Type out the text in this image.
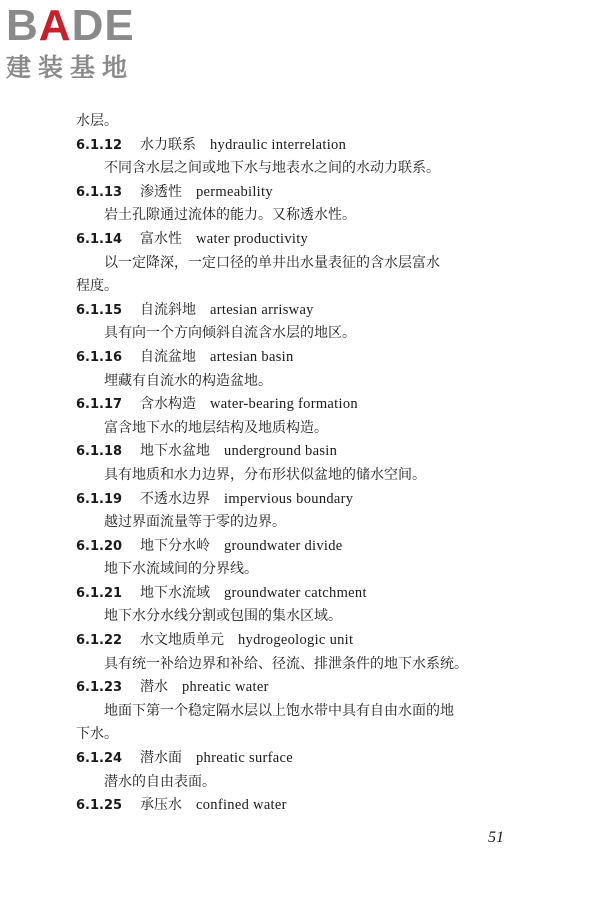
B A DE
建装基地
水层。
6.1.12 水力联系 hydraulic interrelation
不同含水层之间或地下水与地表水之间的水动力联系。
6.1.13 渗透性 permeability
岩土孔隙通过流体的能力。又称透水性。
6.1.14 富水性 water productivity
以一定降深，一定口径的单井出水量表征的含水层富水
程度。
6.1.15 自流斜地 artesian arrisway
具有向一个方向倾斜自流含水层的地区。
6.1.16 自流盆地 artesian basin
埋藏有自流水的构造盆地。
6.1.17 含水构造 water-bearing formation
富含地下水的地层结构及地质构造。
6.1.18 地下水盆地 underground basin
具有地质和水力边界，分布形状似盆地的储水空间。
6.1.19 不透水边界 impervious boundary
越过界面流量等于零的边界。
6.1.20 地下分水岭 groundwater divide
地下水流域间的分界线。
6.1.21 地下水流域 groundwater catchment
地下水分水线分割或包围的集水区域。
6.1.22 水文地质单元 hydrogeologic unit
具有统一补给边界和补给、径流、排泄条件的地下水系统。
6.1.23 潜水 phreatic water
地面下第一个稳定隔水层以上饱水带中具有自由水面的地
下水。
6.1.24 潜水面 phreatic surface
潜水的自由表面。
6.1.25 承压水 confined water
51
